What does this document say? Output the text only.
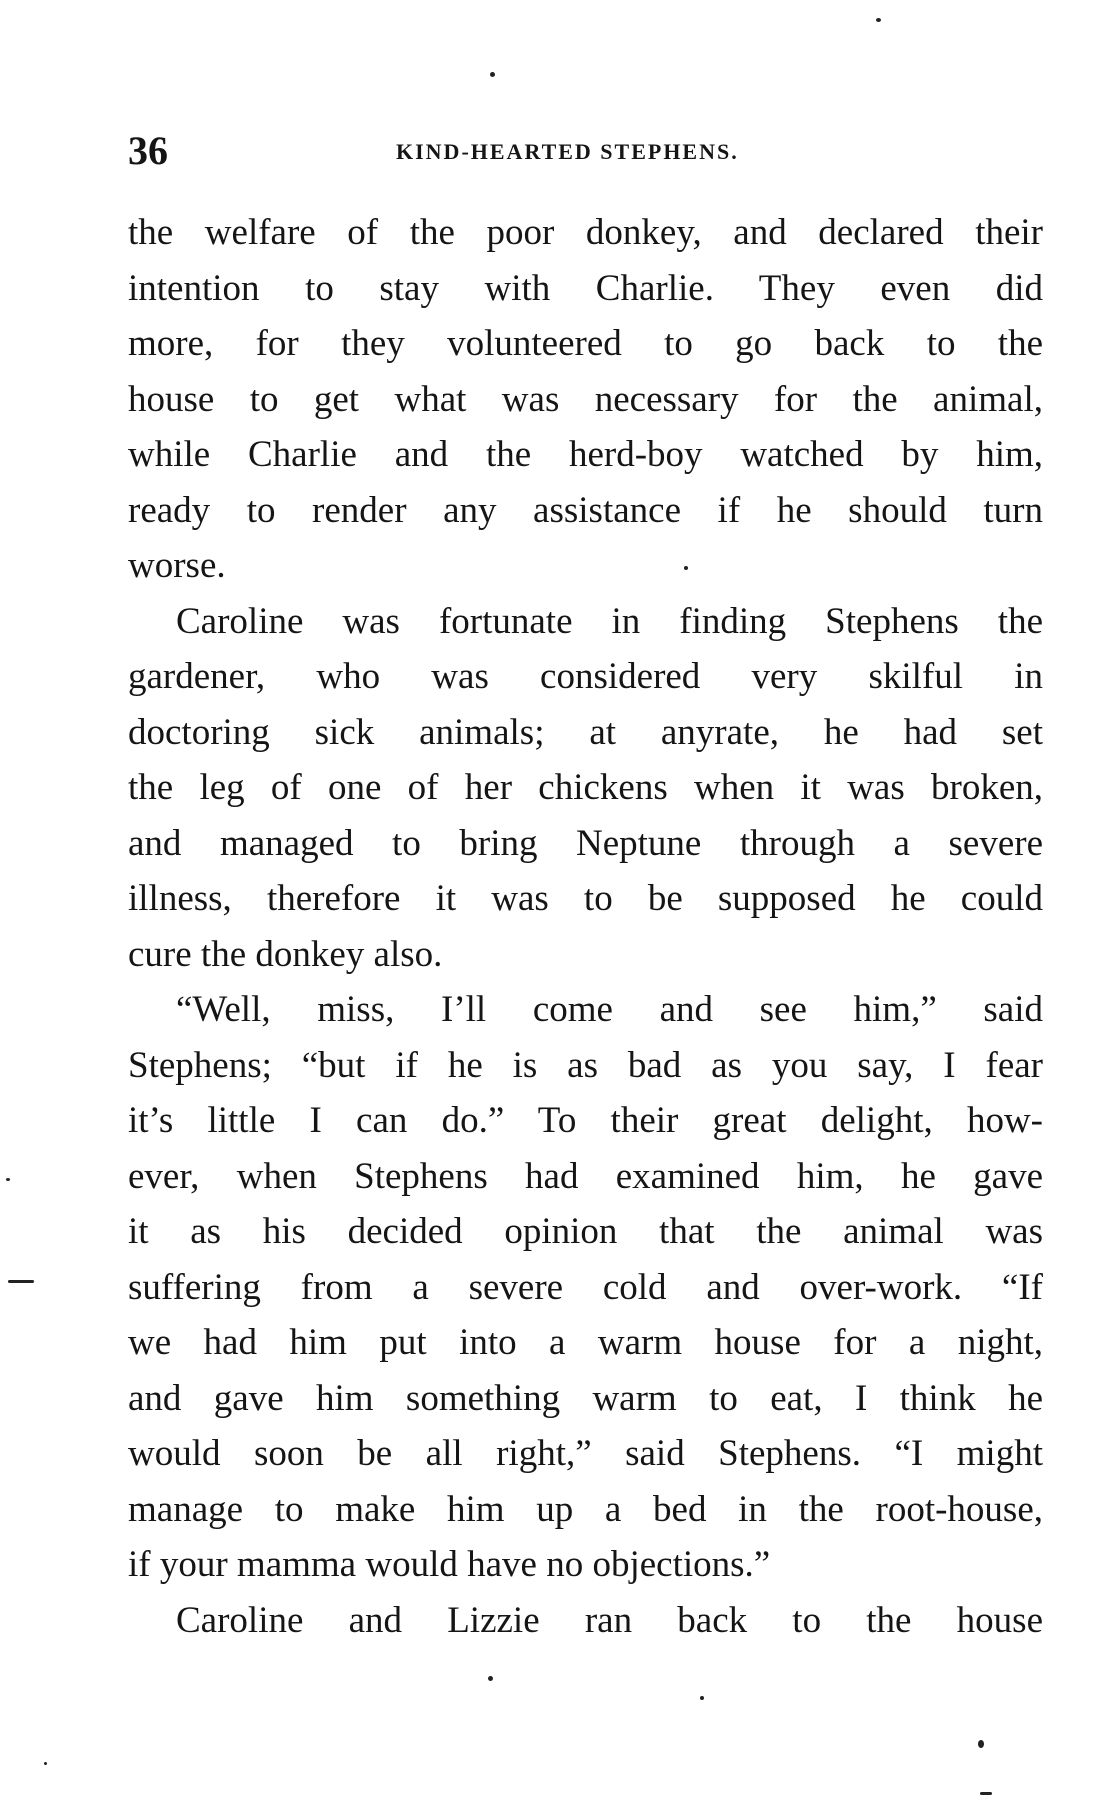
36	KIND-HEARTED STEPHENS.
the welfare of the poor donkey, and declared their
intention to stay with Charlie. They even did
more, for they volunteered to go back to the
house to get what was necessary for the animal,
while Charlie and the herd-boy watched by him,
ready to render any assistance if he should turn
worse.
Caroline was fortunate in finding Stephens the
gardener, who was considered very skilful in
doctoring sick animals; at anyrate, he had set
the leg of one of her chickens when it was broken,
and managed to bring Neptune through a severe
illness, therefore it was to be supposed he could
cure the donkey also.
“Well, miss, I’ll come and see him,” said
Stephens; “but if he is as bad as you say, I fear
it’s little I can do.” To their great delight, how-
ever, when Stephens had examined him, he gave
it as his decided opinion that the animal was
suffering from a severe cold and over-work. “If
we had him put into a warm house for a night,
and gave him something warm to eat, I think he
would soon be all right,” said Stephens. “I might
manage to make him up a bed in the root-house,
if your mamma would have no objections.”
Caroline and Lizzie ran back to the house
